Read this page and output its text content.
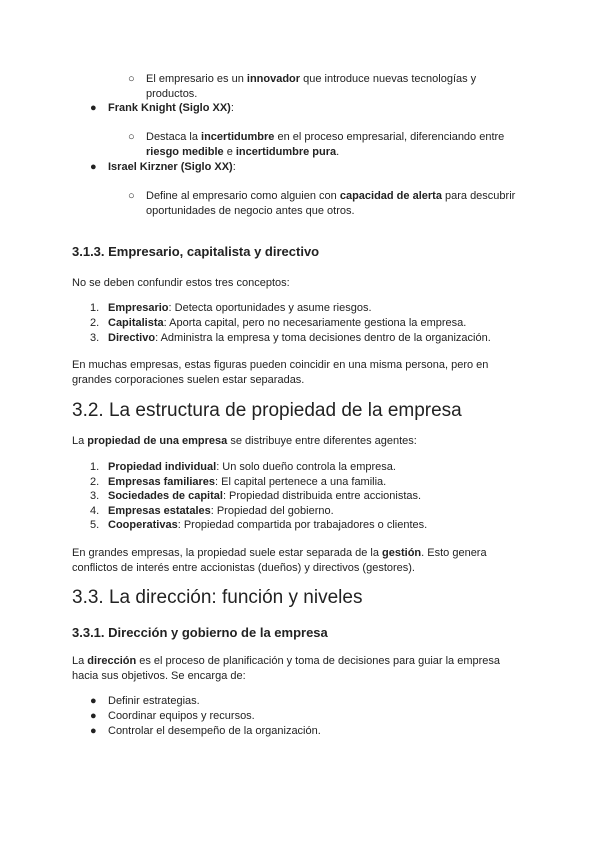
○ El empresario es un innovador que introduce nuevas tecnologías y
productos.
● Frank Knight (Siglo XX):
○ Destaca la incertidumbre en el proceso empresarial, diferenciando entre
riesgo medible e incertidumbre pura.
● Israel Kirzner (Siglo XX):
○ Define al empresario como alguien con capacidad de alerta para descubrir
oportunidades de negocio antes que otros.
3.1.3. Empresario, capitalista y directivo

No se deben confundir estos tres conceptos:

1. Empresario: Detecta oportunidades y asume riesgos.
2. Capitalista: Aporta capital, pero no necesariamente gestiona la empresa.
3. Directivo: Administra la empresa y toma decisiones dentro de la organización.

En muchas empresas, estas figuras pueden coincidir en una misma persona, pero en
grandes corporaciones suelen estar separadas.

3.2. La estructura de propiedad de la empresa

La propiedad de una empresa se distribuye entre diferentes agentes:

1. Propiedad individual: Un solo dueño controla la empresa.
2. Empresas familiares: El capital pertenece a una familia.
3. Sociedades de capital: Propiedad distribuida entre accionistas.
4. Empresas estatales: Propiedad del gobierno.
5. Cooperativas: Propiedad compartida por trabajadores o clientes.

En grandes empresas, la propiedad suele estar separada de la gestión. Esto genera
conflictos de interés entre accionistas (dueños) y directivos (gestores).

3.3. La dirección: función y niveles
3.3.1. Dirección y gobierno de la empresa

La dirección es el proceso de planificación y toma de decisiones para guiar la empresa
hacia sus objetivos. Se encarga de:

● Definir estrategias.
● Coordinar equipos y recursos.
● Controlar el desempeño de la organización.
